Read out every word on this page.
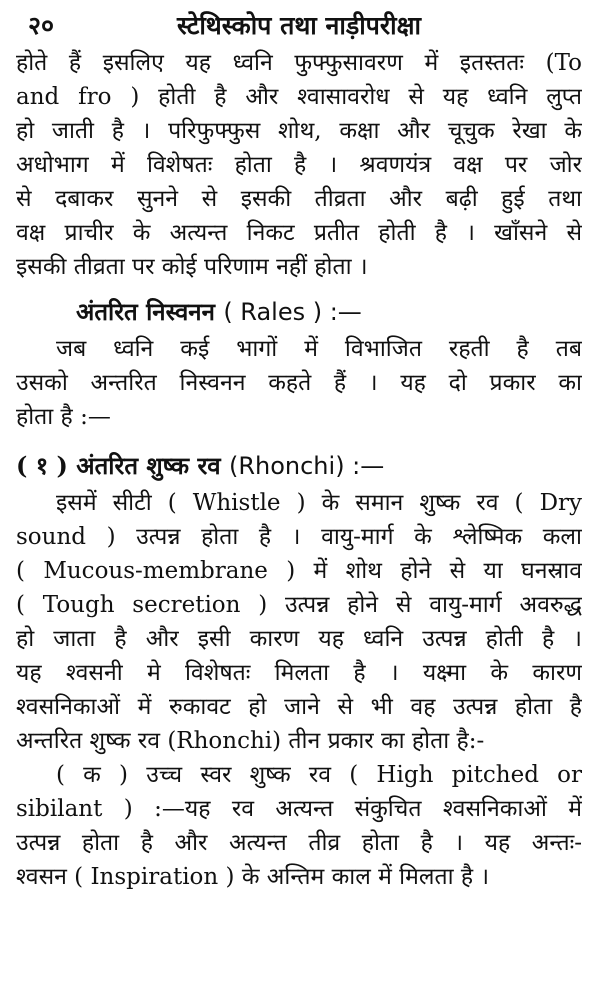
२०	स्टेथिस्कोप तथा नाड़ीपरीक्षा
होते हैं इसलिए यह ध्वनि फुफ्फुसावरण में इतस्ततः (To
and fro ) होती है और श्वासावरोध से यह ध्वनि लुप्त
हो जाती है । परिफुफ्फुस शोथ, कक्षा और चूचुक रेखा के
अधोभाग में विशेषतः होता है । श्रवणयंत्र वक्ष पर जोर
से दबाकर सुनने से इसकी तीव्रता और बढ़ी हुई तथा
वक्ष प्राचीर के अत्यन्त निकट प्रतीत होती है । खाँसने से
इसकी तीव्रता पर कोई परिणाम नहीं होता ।
अंतरित निस्वनन ( Rales ) :—
जब ध्वनि कई भागों में विभाजित रहती है तब
उसको अन्तरित निस्वनन कहते हैं । यह दो प्रकार का
होता है :—
( १ ) अंतरित शुष्क रव (Rhonchi) :—
इसमें सीटी ( Whistle ) के समान शुष्क रव ( Dry
sound ) उत्पन्न होता है । वायु-मार्ग के श्लेष्मिक कला
( Mucous-membrane ) में शोथ होने से या घनस्राव
( Tough secretion ) उत्पन्न होने से वायु-मार्ग अवरुद्ध
हो जाता है और इसी कारण यह ध्वनि उत्पन्न होती है ।
यह श्वसनी मे विशेषतः मिलता है । यक्ष्मा के कारण
श्वसनिकाओं में रुकावट हो जाने से भी वह उत्पन्न होता है
अन्तरित शुष्क रव (Rhonchi) तीन प्रकार का होता है:-
( क ) उच्च स्वर शुष्क रव ( High pitched or
sibilant ) :—यह रव अत्यन्त संकुचित श्वसनिकाओं में
उत्पन्न होता है और अत्यन्त तीव्र होता है । यह अन्तः-
श्वसन ( Inspiration ) के अन्तिम काल में मिलता है ।
